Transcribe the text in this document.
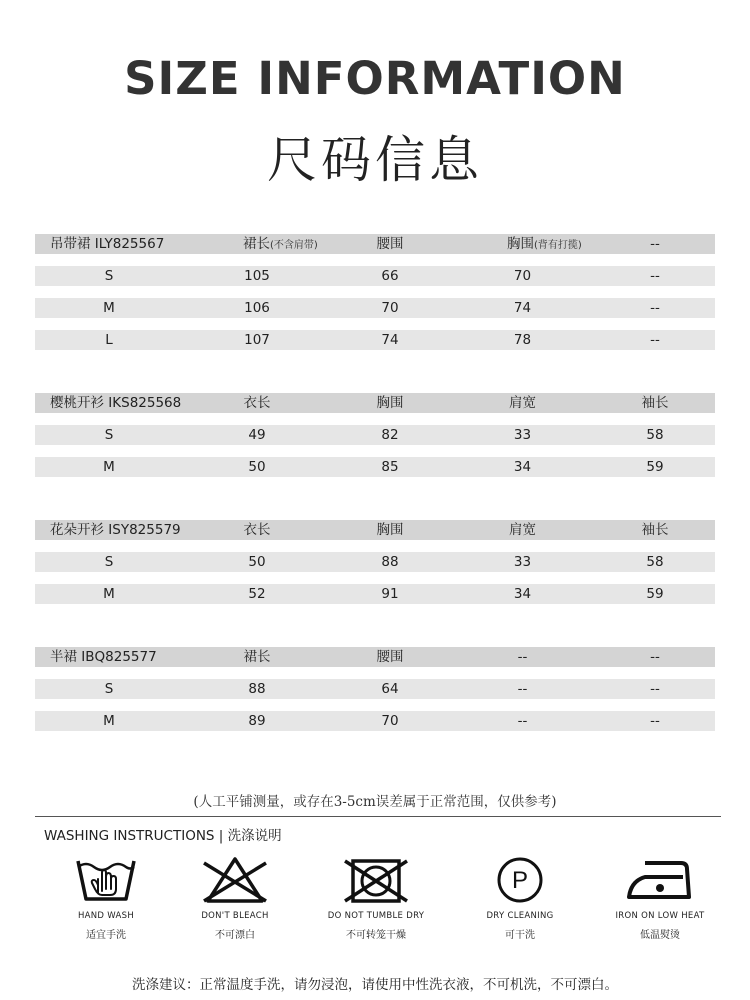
SIZE INFORMATION
尺码信息
吊带裙 ILY825567	裙长(不含肩带)	腰围	胸围(背有打揽)	--
S	105	66	70	--
M	106	70	74	--
L	107	74	78	--
樱桃开衫 IKS825568	衣长	胸围	肩宽	袖长
S	49	82	33	58
M	50	85	34	59
花朵开衫 ISY825579	衣长	胸围	肩宽	袖长
S	50	88	33	58
M	52	91	34	59
半裙 IBQ825577	裙长	腰围	--	--
S	88	64	--	--
M	89	70	--	--
(人工平铺测量，或存在3-5cm误差属于正常范围，仅供参考)
WASHING INSTRUCTIONS | 洗涤说明
HAND WASH
适宜手洗
DON'T BLEACH
不可漂白
DO NOT TUMBLE DRY
不可转笼干燥
P
DRY CLEANING
可干洗
IRON ON LOW HEAT
低温熨烫
洗涤建议：正常温度手洗，请勿浸泡，请使用中性洗衣液，不可机洗，不可漂白。
